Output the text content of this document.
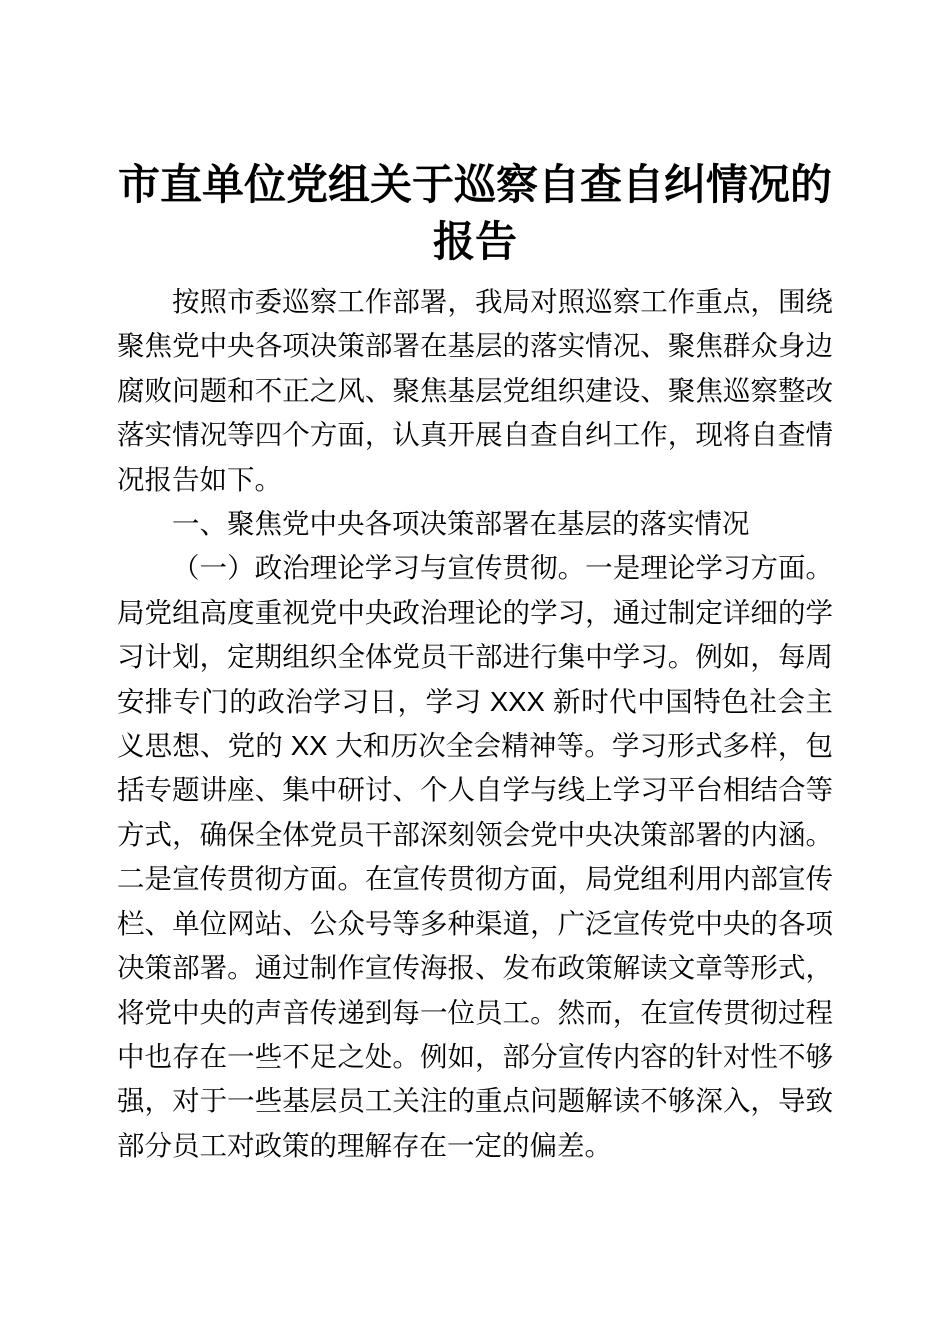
市直单位党组关于巡察自查自纠情况的报告

按照市委巡察工作部署，我局对照巡察工作重点，围绕聚焦党中央各项决策部署在基层的落实情况、聚焦群众身边腐败问题和不正之风、聚焦基层党组织建设、聚焦巡察整改落实情况等四个方面，认真开展自查自纠工作，现将自查情况报告如下。

一、聚焦党中央各项决策部署在基层的落实情况

（一）政治理论学习与宣传贯彻。一是理论学习方面。局党组高度重视党中央政治理论的学习，通过制定详细的学习计划，定期组织全体党员干部进行集中学习。例如，每周安排专门的政治学习日，学习 XXX 新时代中国特色社会主义思想、党的 XX 大和历次全会精神等。学习形式多样，包括专题讲座、集中研讨、个人自学与线上学习平台相结合等方式，确保全体党员干部深刻领会党中央决策部署的内涵。二是宣传贯彻方面。在宣传贯彻方面，局党组利用内部宣传栏、单位网站、公众号等多种渠道，广泛宣传党中央的各项决策部署。通过制作宣传海报、发布政策解读文章等形式，将党中央的声音传递到每一位员工。然而，在宣传贯彻过程中也存在一些不足之处。例如，部分宣传内容的针对性不够强，对于一些基层员工关注的重点问题解读不够深入，导致部分员工对政策的理解存在一定的偏差。
